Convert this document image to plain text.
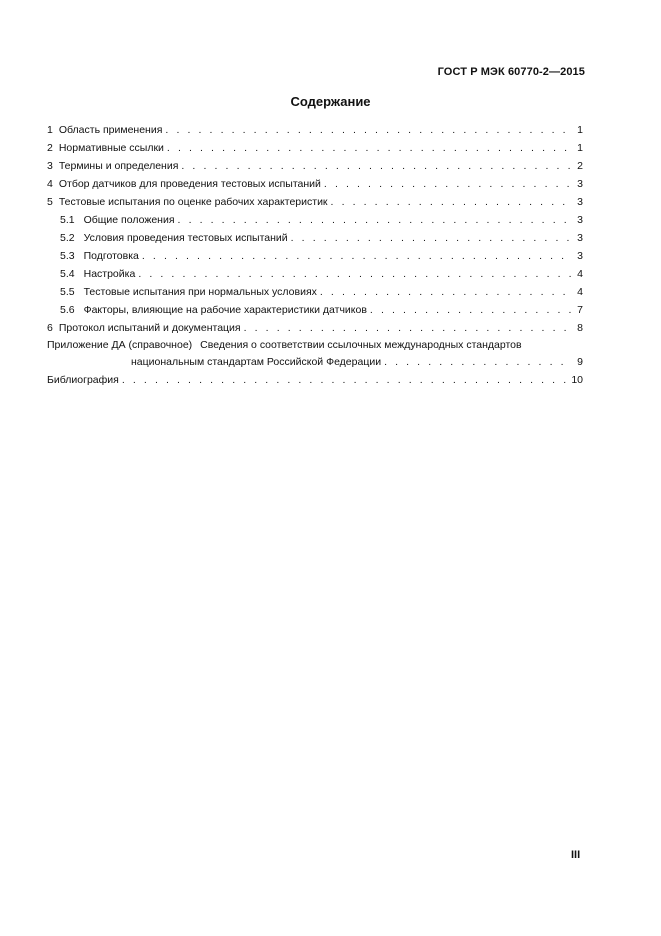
ГОСТ Р МЭК 60770-2—2015
Содержание
1 Область применения . . .	1
2 Нормативные ссылки . . .	1
3 Термины и определения . . .	2
4 Отбор датчиков для проведения тестовых испытаний . . .	3
5 Тестовые испытания по оценке рабочих характеристик . . .	3
5.1 Общие положения . . .	3
5.2 Условия проведения тестовых испытаний . . .	3
5.3 Подготовка . . .	3
5.4 Настройка . . .	4
5.5 Тестовые испытания при нормальных условиях . . .	4
5.6 Факторы, влияющие на рабочие характеристики датчиков . . .	7
6 Протокол испытаний и документация . . .	8
Приложение ДА (справочное) Сведения о соответствии ссылочных международных стандартов
национальным стандартам Российской Федерации . . .	9
Библиография . . .	10
III
